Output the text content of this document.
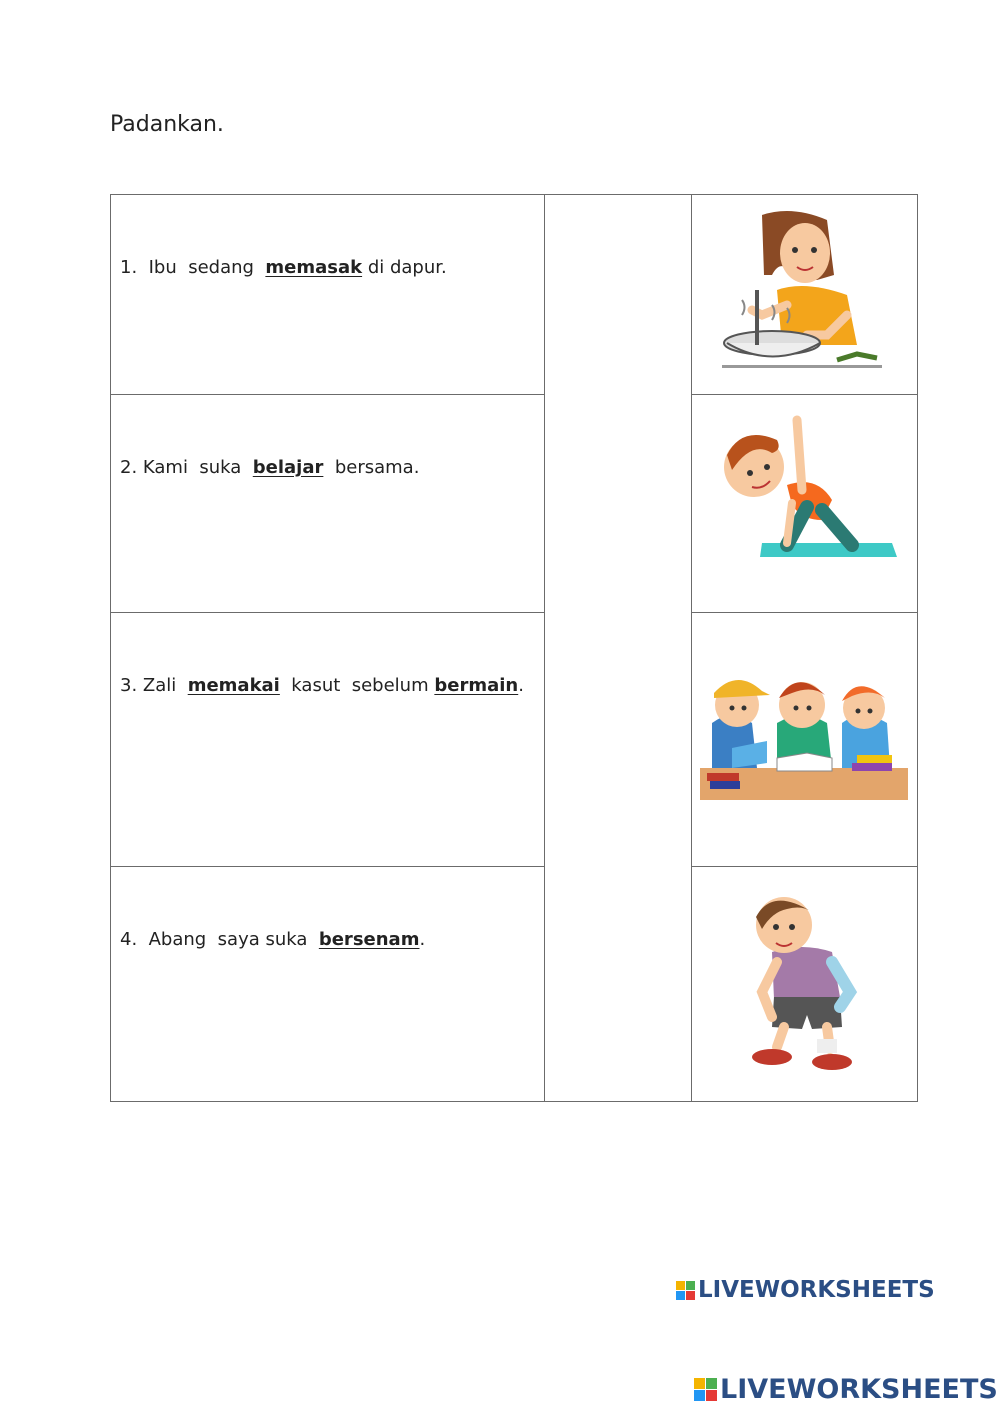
Padankan.
1.  Ibu  sedang  memasak di dapur.

2. Kami  suka  belajar  bersama.

3. Zali  memakai  kasut  sebelum bermain.

4.  Abang  saya suka  bersenam.

LIVEWORKSHEETS
LIVEWORKSHEETS
